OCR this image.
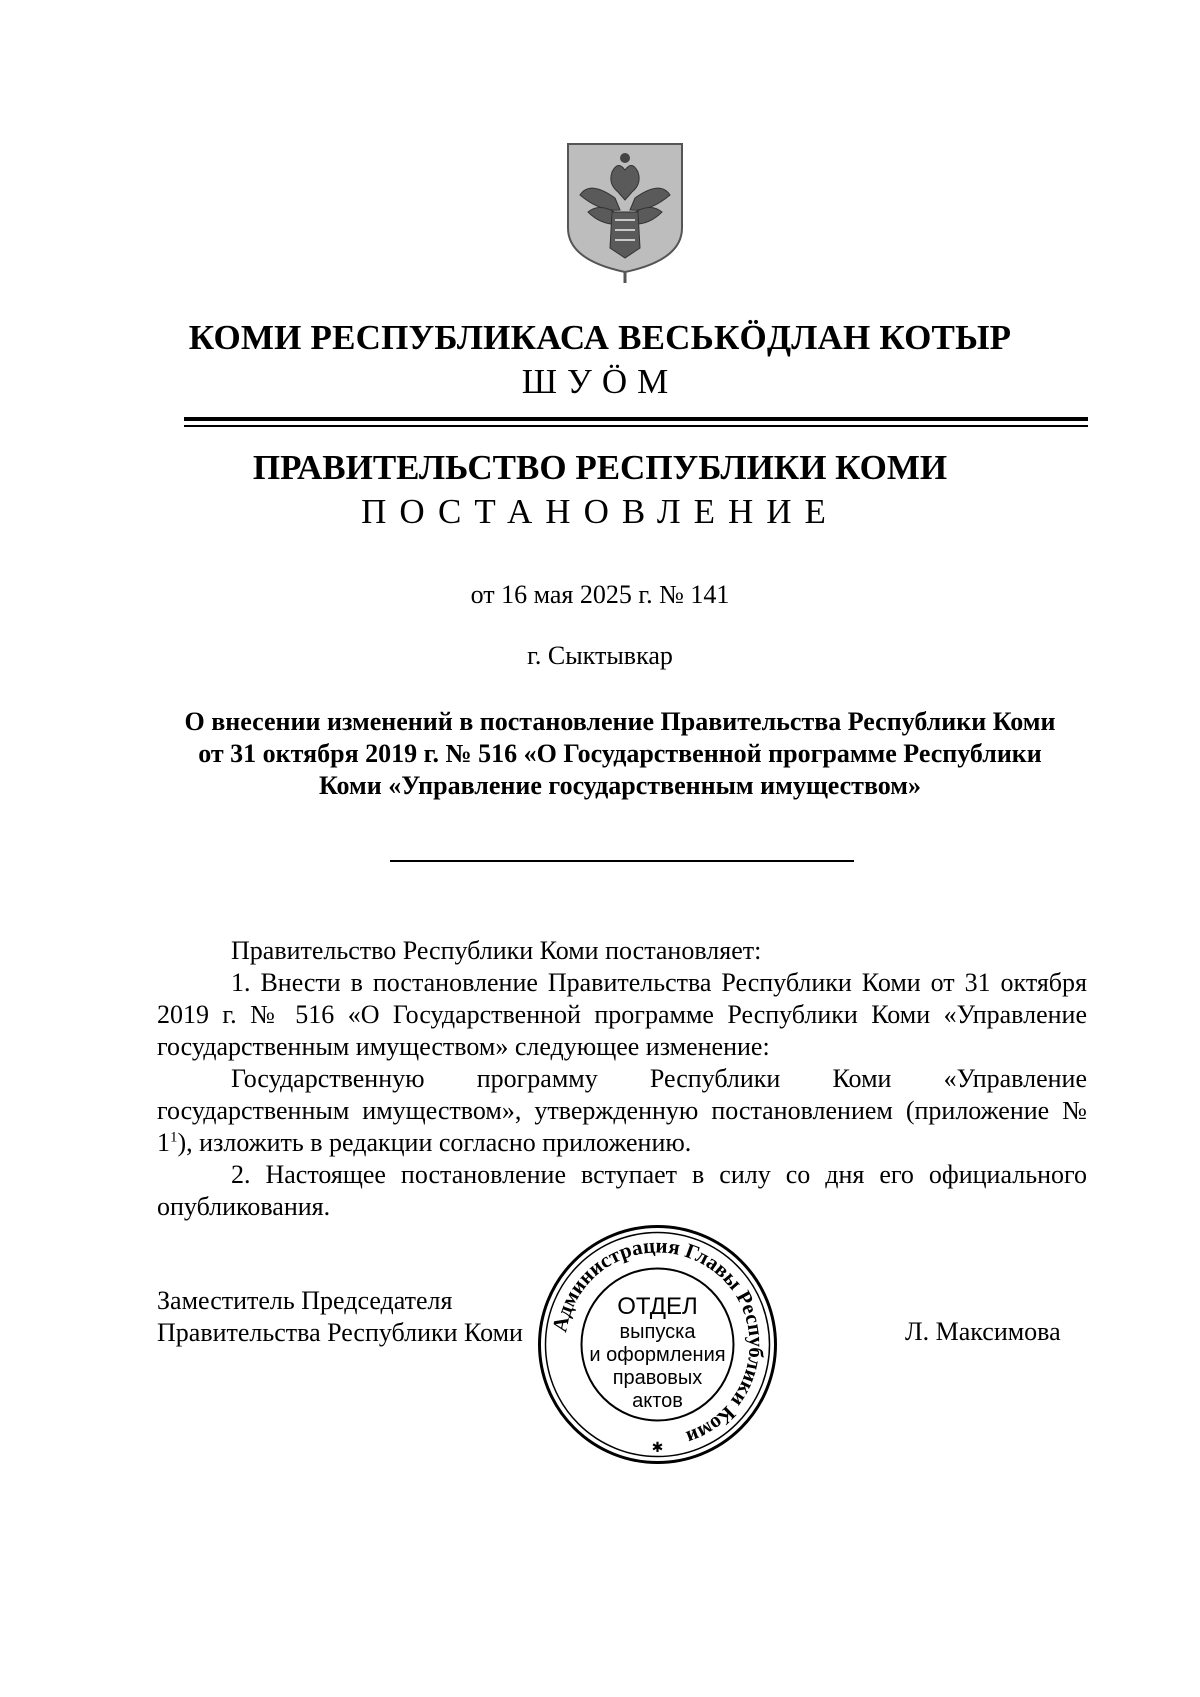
КОМИ РЕСПУБЛИКАСА ВЕСЬКӦДЛАН КОТЫР
ШУӦМ
ПРАВИТЕЛЬСТВО РЕСПУБЛИКИ КОМИ
ПОСТАНОВЛЕНИЕ
от 16 мая 2025 г. № 141
г. Сыктывкар
О внесении изменений в постановление Правительства Республики Коми от 31 октября 2019 г. № 516 «О Государственной программе Республики Коми «Управление государственным имуществом»
Правительство Республики Коми постановляет:
1. Внести в постановление Правительства Республики Коми от 31 октября 2019 г. № 516 «О Государственной программе Республики Коми «Управление государственным имуществом» следующее изменение:
Государственную программу Республики Коми «Управление государственным имуществом», утвержденную постановлением (приложение № $1^1$), изложить в редакции согласно приложению.
2. Настоящее постановление вступает в силу со дня его официального опубликования.
Заместитель Председателя
Правительства Республики Коми	Л. Максимова
Администрация Главы Республики Коми
ОТДЕЛ
выпуска
и оформления
правовых
актов
✱
